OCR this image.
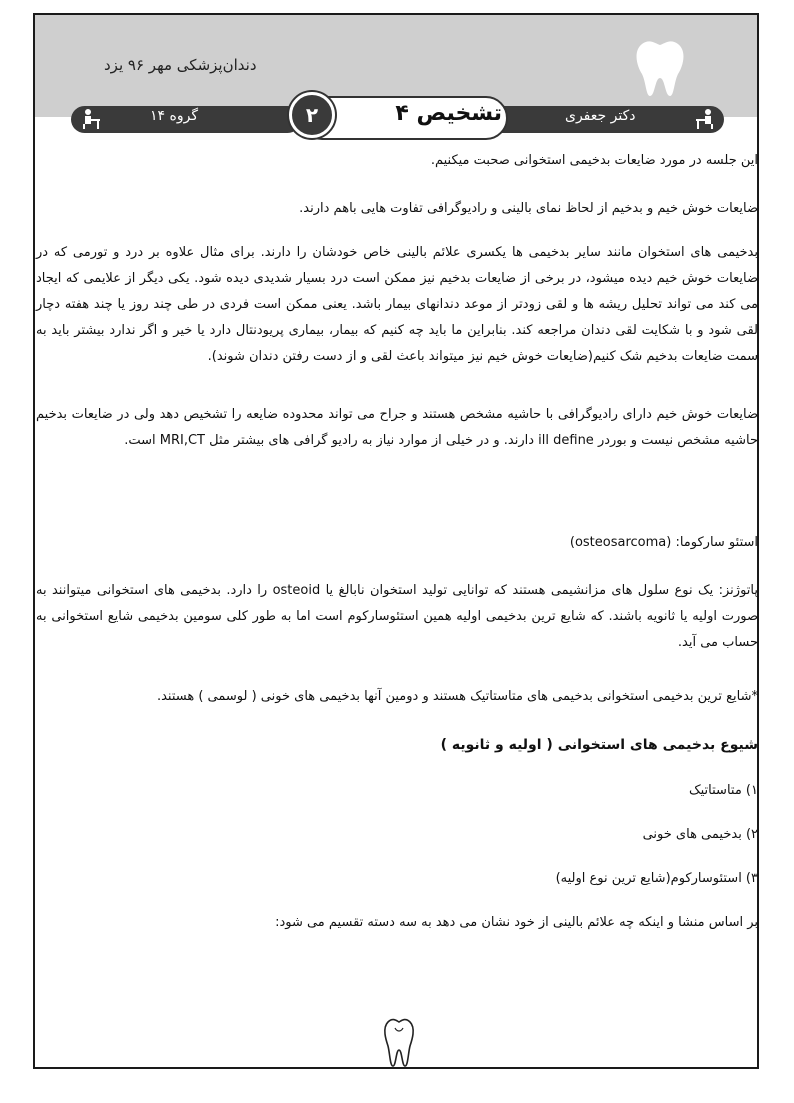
دندان‌پزشکی مهر ۹۶ یزد
گروه ۱۴	دکتر جعفری
۲	تشخیص ۴
این جلسه در مورد ضایعات بدخیمی استخوانی صحبت میکنیم.
ضایعات خوش خیم و بدخیم از لحاظ نمای بالینی و رادیوگرافی تفاوت هایی باهم دارند.
بدخیمی های استخوان مانند سایر بدخیمی ها یکسری علائم بالینی خاص خودشان را دارند. برای مثال علاوه بر درد و تورمی که در ضایعات خوش خیم دیده میشود، در برخی از ضایعات بدخیم نیز ممکن است درد بسیار شدیدی دیده شود. یکی دیگر از علایمی که ایجاد می کند می تواند تحلیل ریشه ها و لقی زودتر از موعد دندانهای بیمار باشد. یعنی ممکن است فردی در طی چند روز یا چند هفته دچار لقی شود و با شکایت لقی دندان مراجعه کند. بنابراین ما باید چه کنیم که بیمار، بیماری پریودنتال دارد یا خیر و اگر ندارد بیشتر باید به سمت ضایعات بدخیم شک کنیم(ضایعات خوش خیم نیز میتواند باعث لقی و از دست رفتن دندان شوند).
ضایعات خوش خیم دارای رادیوگرافی با حاشیه مشخص هستند و جراح می تواند محدوده ضایعه را تشخیص دهد ولی در ضایعات بدخیم حاشیه مشخص نیست و بوردر ill define دارند. و در خیلی از موارد نیاز به رادیو گرافی های بیشتر مثل MRI,CT است.
استئو سارکوما: (osteosarcoma)
پاتوژنز: یک نوع سلول های مزانشیمی هستند که توانایی تولید استخوان نابالغ یا osteoid را دارد. بدخیمی های استخوانی میتوانند به صورت اولیه یا ثانویه باشند. که شایع ترین بدخیمی اولیه همین استئوسارکوم است اما به طور کلی سومین بدخیمی شایع استخوانی به حساب می آید.
*شایع ترین بدخیمی استخوانی بدخیمی های متاستاتیک هستند و دومین آنها بدخیمی های خونی ( لوسمی ) هستند.
شیوع بدخیمی های استخوانی ( اولیه و ثانویه )
۱) متاستاتیک
۲) بدخیمی های خونی
۳) استئوسارکوم(شایع ترین نوع اولیه)
بر اساس منشا و اینکه چه علائم بالینی از خود نشان می دهد به سه دسته تقسیم می شود:
